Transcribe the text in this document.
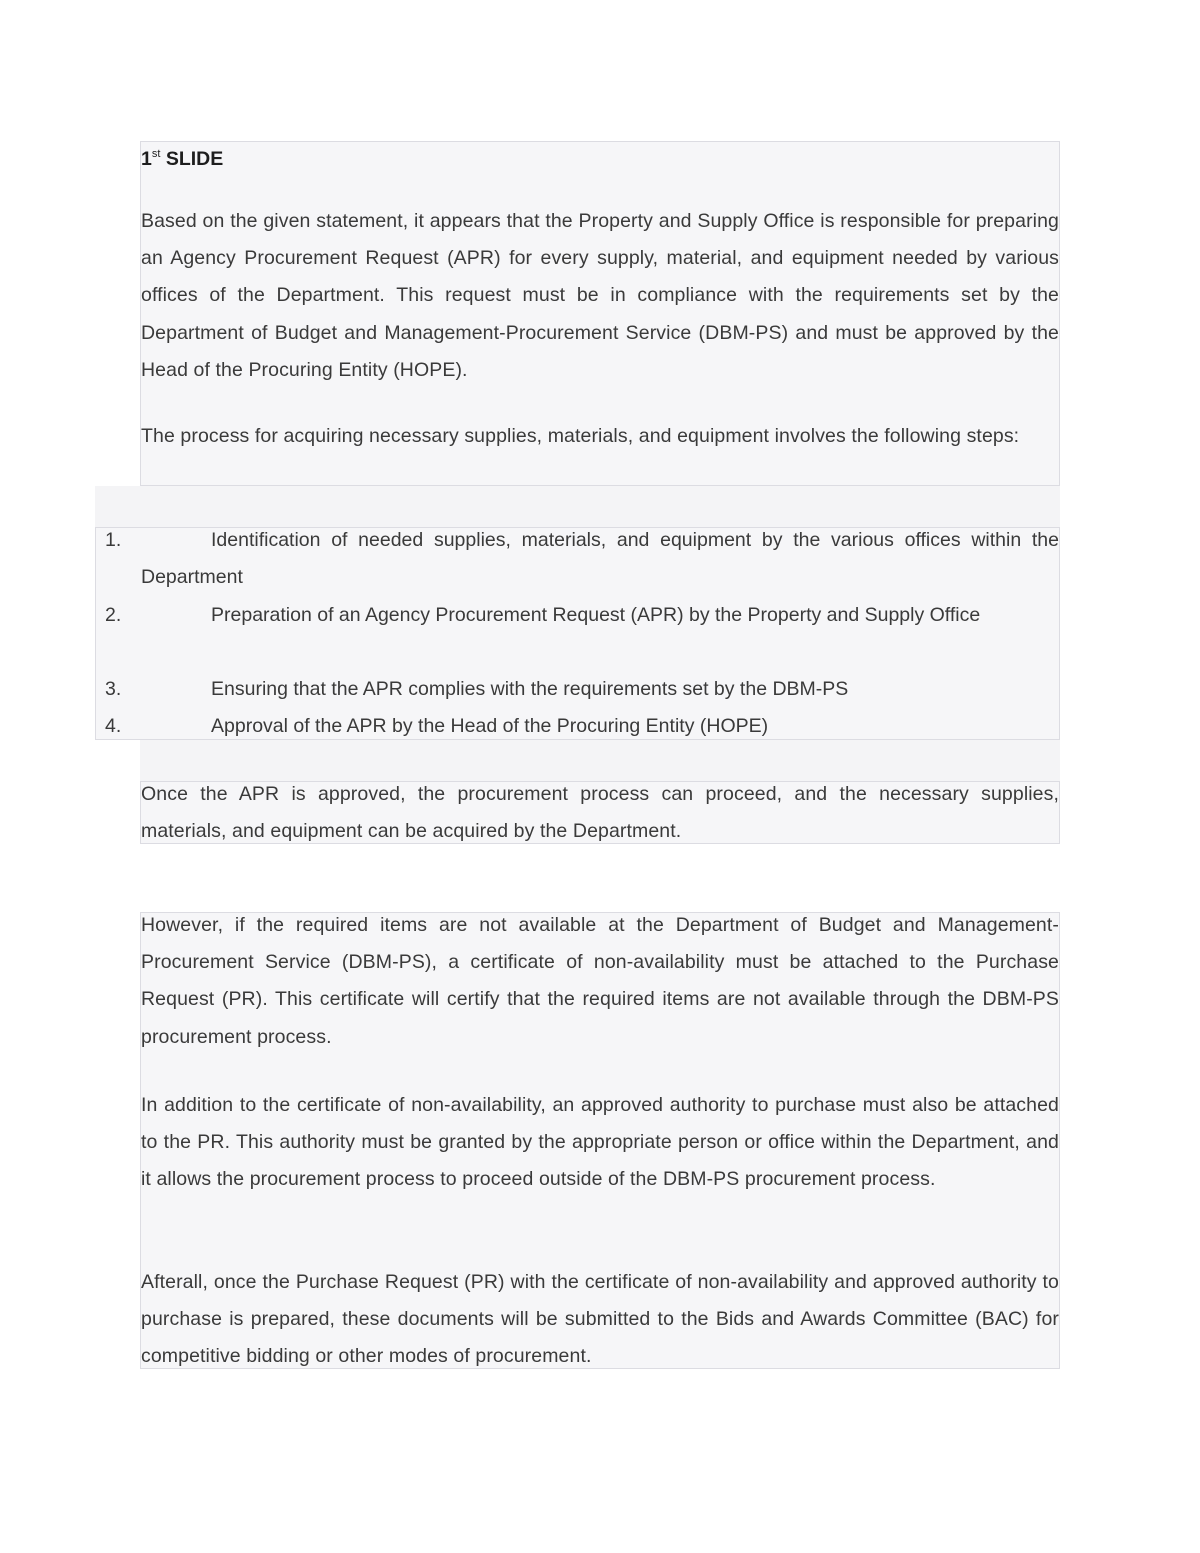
1st SLIDE

Based on the given statement, it appears that the Property and Supply Office is responsible for preparing an Agency Procurement Request (APR) for every supply, material, and equipment needed by various offices of the Department. This request must be in compliance with the requirements set by the Department of Budget and Management-Procurement Service (DBM-PS) and must be approved by the Head of the Procuring Entity (HOPE).

The process for acquiring necessary supplies, materials, and equipment involves the following steps:

1.	Identification of needed supplies, materials, and equipment by the various offices within the Department

2.	Preparation of an Agency Procurement Request (APR) by the Property and Supply Office

3.	Ensuring that the APR complies with the requirements set by the DBM-PS

4.	Approval of the APR by the Head of the Procuring Entity (HOPE)

Once the APR is approved, the procurement process can proceed, and the necessary supplies, materials, and equipment can be acquired by the Department.

However, if the required items are not available at the Department of Budget and Management-Procurement Service (DBM-PS), a certificate of non-availability must be attached to the Purchase Request (PR). This certificate will certify that the required items are not available through the DBM-PS procurement process.

In addition to the certificate of non-availability, an approved authority to purchase must also be attached to the PR. This authority must be granted by the appropriate person or office within the Department, and it allows the procurement process to proceed outside of the DBM-PS procurement process.

Afterall, once the Purchase Request (PR) with the certificate of non-availability and approved authority to purchase is prepared, these documents will be submitted to the Bids and Awards Committee (BAC) for competitive bidding or other modes of procurement.
